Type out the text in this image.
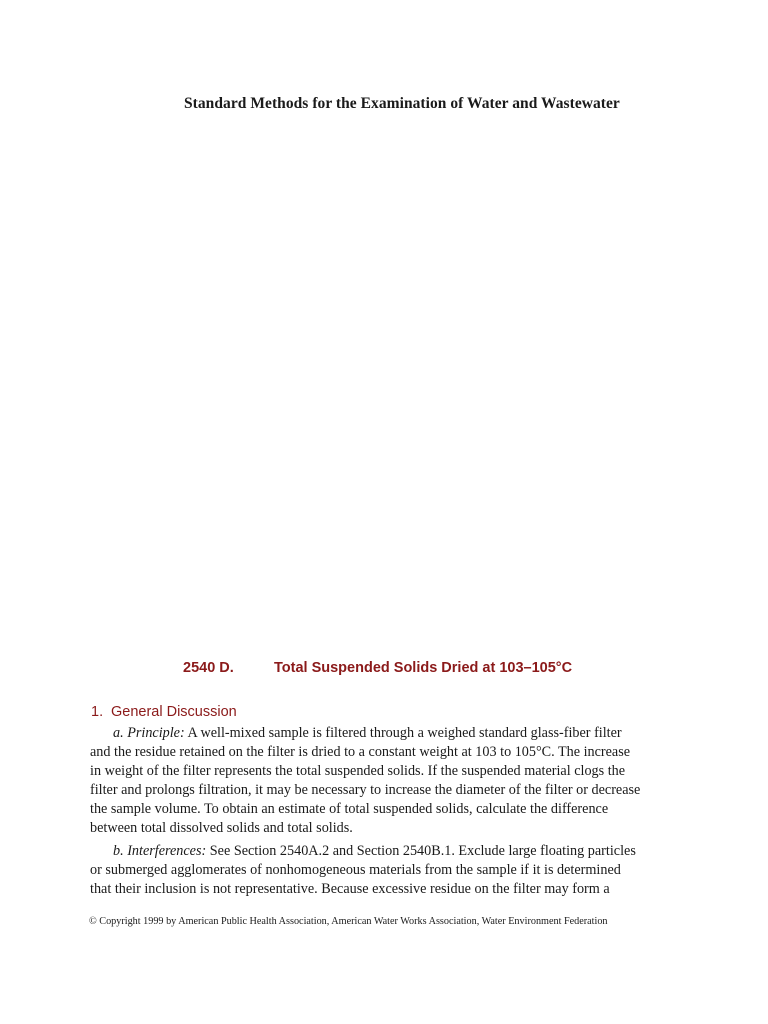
Standard Methods for the Examination of Water and Wastewater
2540 D.	Total Suspended Solids Dried at 103–105°C
1. General Discussion
a. Principle: A well-mixed sample is filtered through a weighed standard glass-fiber filter
and the residue retained on the filter is dried to a constant weight at 103 to 105°C. The increase
in weight of the filter represents the total suspended solids. If the suspended material clogs the
filter and prolongs filtration, it may be necessary to increase the diameter of the filter or decrease
the sample volume. To obtain an estimate of total suspended solids, calculate the difference
between total dissolved solids and total solids.
b. Interferences: See Section 2540A.2 and Section 2540B.1. Exclude large floating particles
or submerged agglomerates of nonhomogeneous materials from the sample if it is determined
that their inclusion is not representative. Because excessive residue on the filter may form a
© Copyright 1999 by American Public Health Association, American Water Works Association, Water Environment Federation
